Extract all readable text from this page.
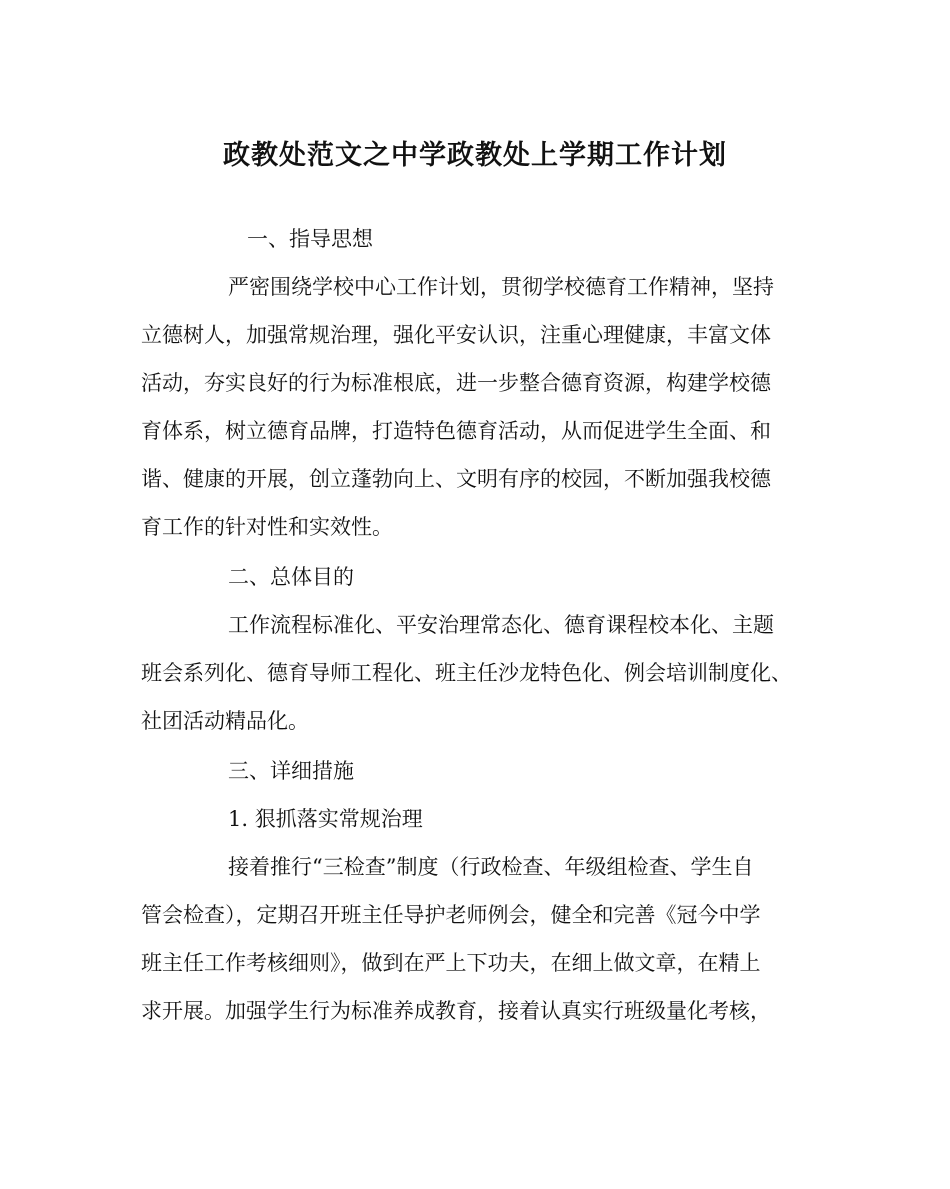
政教处范文之中学政教处上学期工作计划
一、指导思想
严密围绕学校中心工作计划，贯彻学校德育工作精神，坚持
立德树人，加强常规治理，强化平安认识，注重心理健康，丰富文体
活动，夯实良好的行为标准根底，进一步整合德育资源，构建学校德
育体系，树立德育品牌，打造特色德育活动，从而促进学生全面、和
谐、健康的开展，创立蓬勃向上、文明有序的校园，不断加强我校德
育工作的针对性和实效性。
二、总体目的
工作流程标准化、平安治理常态化、德育课程校本化、主题
班会系列化、德育导师工程化、班主任沙龙特色化、例会培训制度化、
社团活动精品化。
三、详细措施
1. 狠抓落实常规治理
接着推行“三检查”制度（行政检查、年级组检查、学生自
管会检查），定期召开班主任导护老师例会，健全和完善《冠今中学
班主任工作考核细则》，做到在严上下功夫，在细上做文章，在精上
求开展。加强学生行为标准养成教育，接着认真实行班级量化考核，
